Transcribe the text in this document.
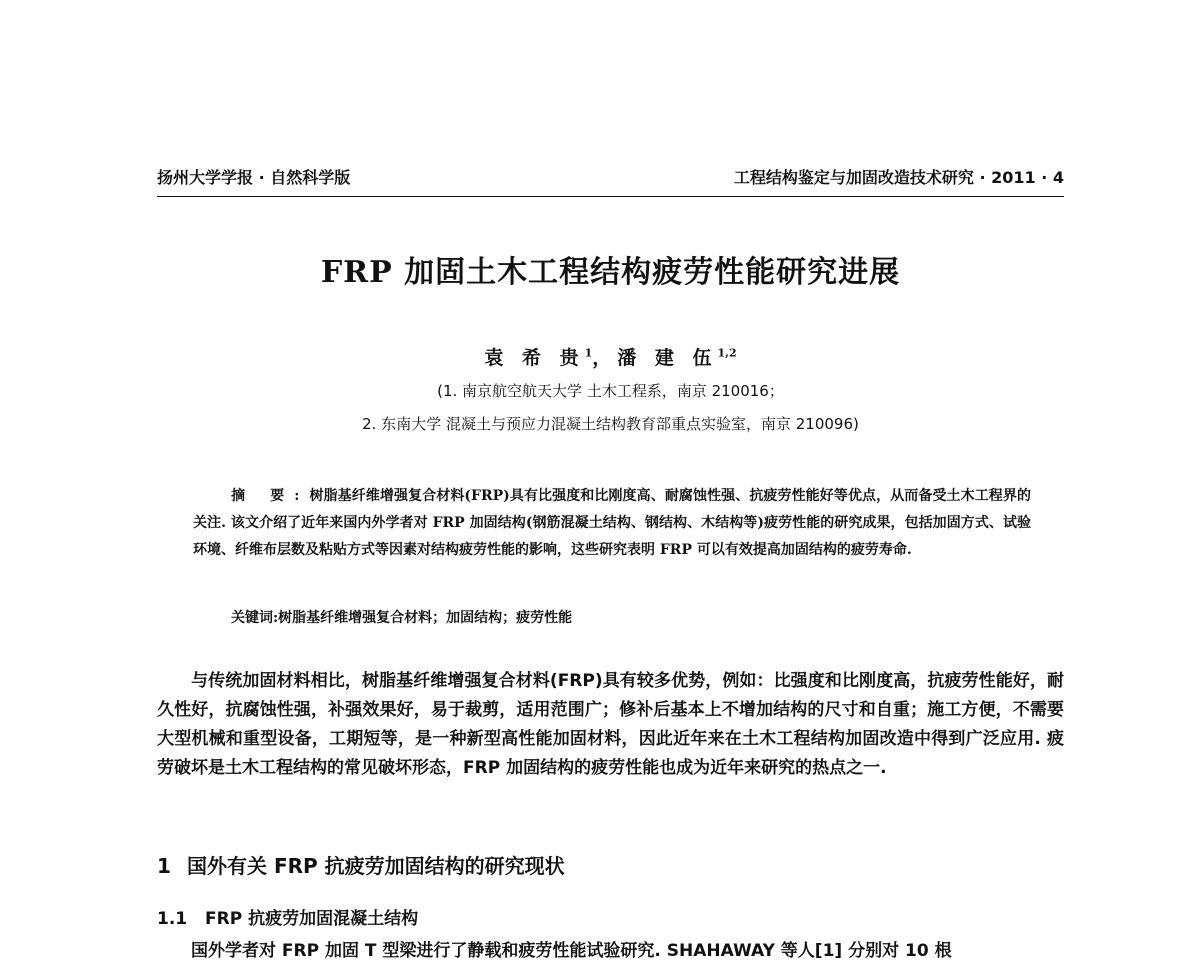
扬州大学学报 · 自然科学版	工程结构鉴定与加固改造技术研究 · 2011 · 4
FRP 加固土木工程结构疲劳性能研究进展
袁 希 贵$^1$，潘 建 伍$^{1,2}$
(1. 南京航空航天大学 土木工程系，南京 210016；
2. 东南大学 混凝土与预应力混凝土结构教育部重点实验室，南京 210096)
摘 要:树脂基纤维增强复合材料(FRP)具有比强度和比刚度高、耐腐蚀性强、抗疲劳性能好等优点，从而备受土木工程界的关注. 该文介绍了近年来国内外学者对 FRP 加固结构(钢筋混凝土结构、钢结构、木结构等)疲劳性能的研究成果，包括加固方式、试验环境、纤维布层数及粘贴方式等因素对结构疲劳性能的影响，这些研究表明 FRP 可以有效提高加固结构的疲劳寿命.
关键词:树脂基纤维增强复合材料；加固结构；疲劳性能
与传统加固材料相比，树脂基纤维增强复合材料(FRP)具有较多优势，例如：比强度和比刚度高，抗疲劳性能好，耐久性好，抗腐蚀性强，补强效果好，易于裁剪，适用范围广；修补后基本上不增加结构的尺寸和自重；施工方便，不需要大型机械和重型设备，工期短等，是一种新型高性能加固材料，因此近年来在土木工程结构加固改造中得到广泛应用. 疲劳破坏是土木工程结构的常见破坏形态，FRP 加固结构的疲劳性能也成为近年来研究的热点之一.
1 国外有关 FRP 抗疲劳加固结构的研究现状
1.1 FRP 抗疲劳加固混凝土结构
国外学者对 FRP 加固 T 型梁进行了静载和疲劳性能试验研究. SHAHAWAY 等人[1] 分别对 10 根
